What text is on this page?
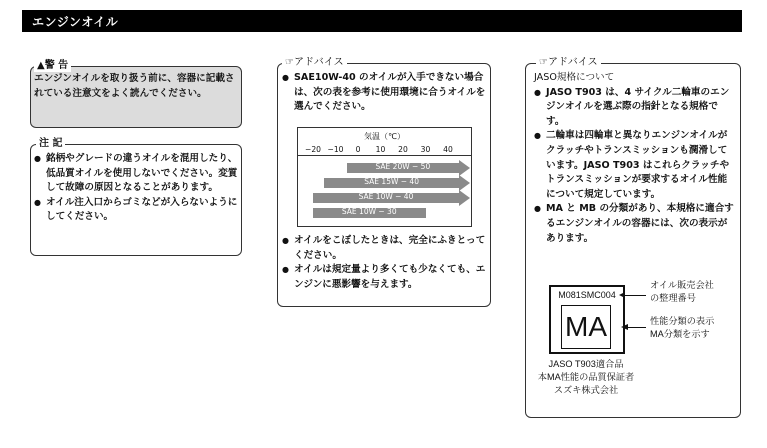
エンジンオイル
▲警 告
エンジンオイルを取り扱う前に、容器に記載されている注意文をよく読んでください。
注 記
● 銘柄やグレードの違うオイルを混用したり、低品質オイルを使用しないでください。変質して故障の原因となることがあります。
● オイル注入口からゴミなどが入らないようにしてください。
☞アドバイス
● SAE10W-40 のオイルが入手できない場合は、次の表を参考に使用環境に合うオイルを選んでください。
気温（℃）
−20 −10 0 10 20 30 40
SAE 20W − 50
SAE 15W − 40
SAE 10W − 40
SAE 10W − 30
● オイルをこぼしたときは、完全にふきとってください。
● オイルは規定量より多くても少なくても、エンジンに悪影響を与えます。
☞アドバイス
JASO規格について
● JASO T903 は、4 サイクル二輪車のエンジンオイルを選ぶ際の指針となる規格です。
● 二輪車は四輪車と異なりエンジンオイルがクラッチやトランスミッションも潤滑しています。JASO T903 はこれらクラッチやトランスミッションが要求するオイル性能について規定しています。
● MA と MB の分類があり、本規格に適合するエンジンオイルの容器には、次の表示があります。
M081SMC004
MA
オイル販売会社
の整理番号
性能分類の表示
MA分類を示す
JASO T903適合品
本MA性能の品質保証者
スズキ株式会社
